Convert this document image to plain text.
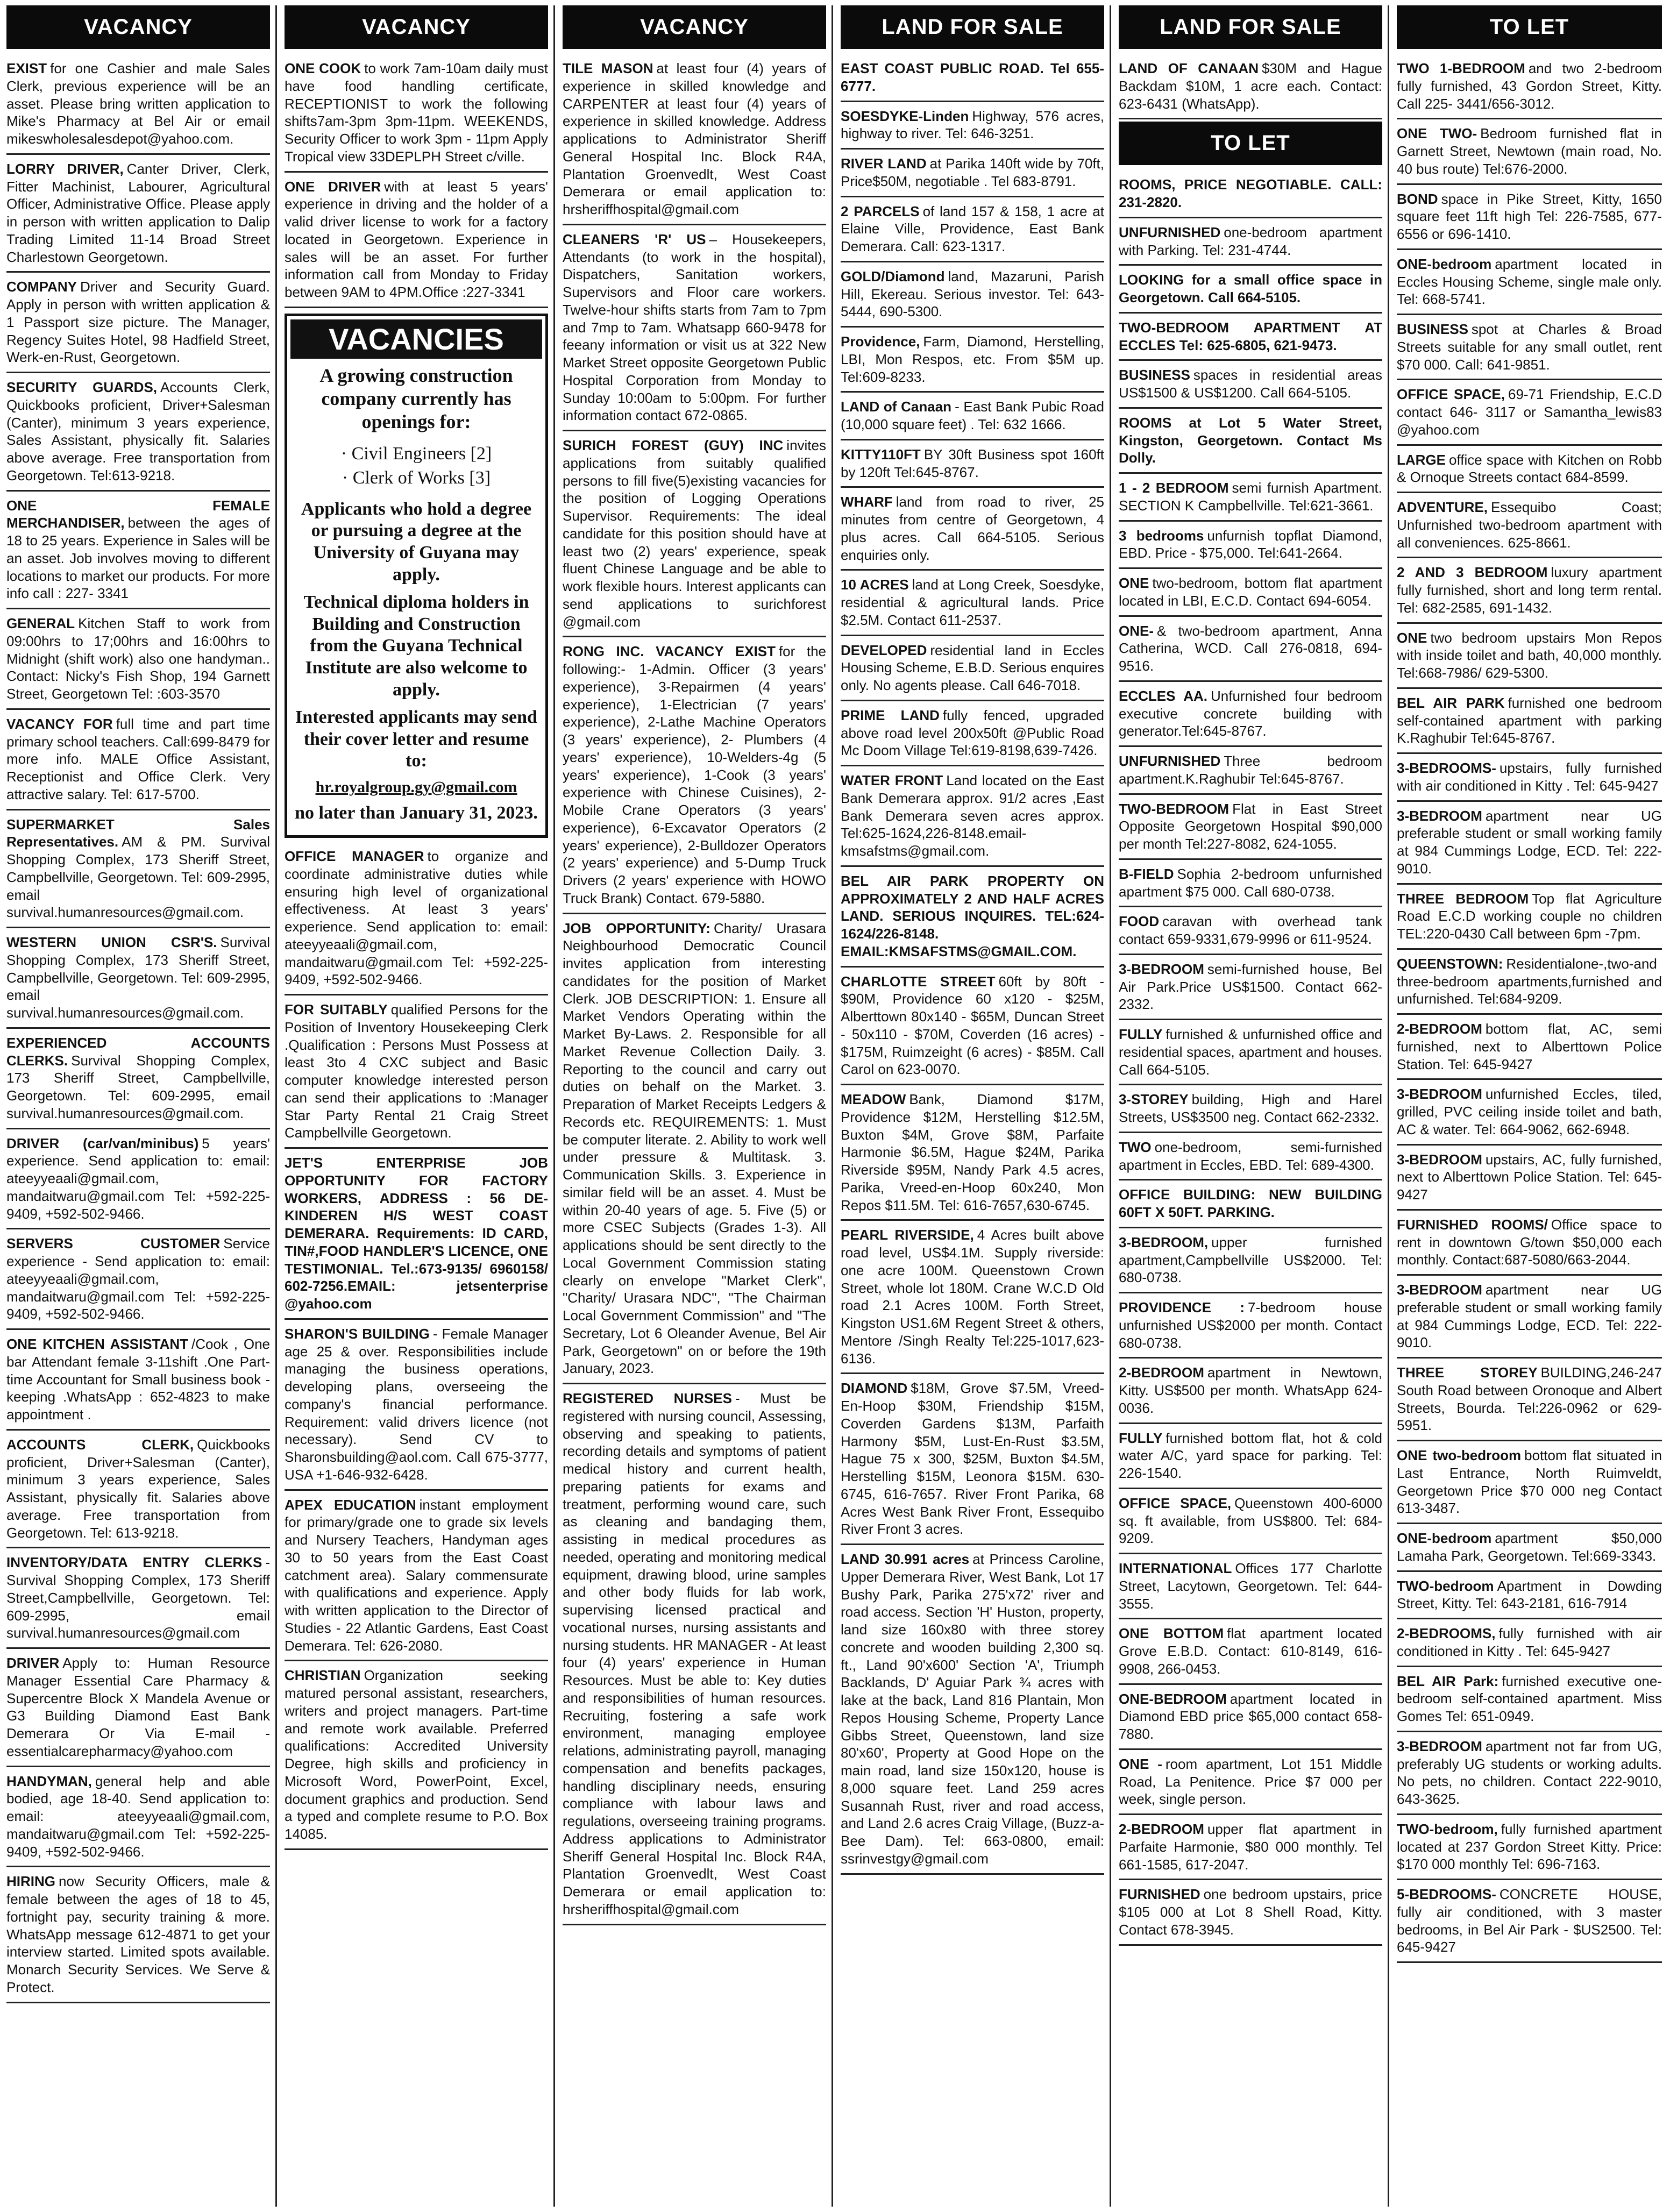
VACANCY
EXIST for one Cashier and male Sales Clerk, previous experience will be an asset. Please bring written application to Mike's Pharmacy at Bel Air or email mikeswholesalesdepot@yahoo.com.
LORRY DRIVER, Canter Driver, Clerk, Fitter Machinist, Labourer, Agricultural Officer, Administrative Office. Please apply in person with written application to Dalip Trading Limited 11-14 Broad Street Charlestown Georgetown.
COMPANY Driver and Security Guard. Apply in person with written application & 1 Passport size picture. The Manager, Regency Suites Hotel, 98 Hadfield Street, Werk-en-Rust, Georgetown.
SECURITY GUARDS, Accounts Clerk, Quickbooks proficient, Driver+Salesman (Canter), minimum 3 years experience, Sales Assistant, physically fit. Salaries above average. Free transportation from Georgetown. Tel:613-9218.
ONE FEMALE MERCHANDISER, between the ages of 18 to 25 years. Experience in Sales will be an asset. Job involves moving to different locations to market our products. For more info call : 227- 3341
GENERAL Kitchen Staff to work from 09:00hrs to 17;00hrs and 16:00hrs to Midnight (shift work) also one handyman.. Contact: Nicky's Fish Shop, 194 Garnett Street, Georgetown Tel: :603-3570
VACANCY FOR full time and part time primary school teachers. Call:699-8479 for more info. MALE Office Assistant, Receptionist and Office Clerk. Very attractive salary. Tel: 617-5700.
SUPERMARKET Sales Representatives. AM & PM. Survival Shopping Complex, 173 Sheriff Street, Campbellville, Georgetown. Tel: 609-2995, email survival.humanresources@gmail.com.
WESTERN UNION CSR'S. Survival Shopping Complex, 173 Sheriff Street, Campbellville, Georgetown. Tel: 609-2995, email survival.humanresources@gmail.com.
EXPERIENCED ACCOUNTS CLERKS. Survival Shopping Complex, 173 Sheriff Street, Campbellville, Georgetown. Tel: 609-2995, email survival.humanresources@gmail.com.
DRIVER (car/van/minibus) 5 years' experience. Send application to: email: ateeyyeaali@gmail.com, mandaitwaru@gmail.com Tel: +592-225-9409, +592-502-9466.
SERVERS CUSTOMER Service experience - Send application to: email: ateeyyeaali@gmail.com, mandaitwaru@gmail.com Tel: +592-225-9409, +592-502-9466.
ONE KITCHEN ASSISTANT /Cook , One bar Attendant female 3-11shift .One Part-time Accountant for Small business book -keeping .WhatsApp : 652-4823 to make appointment .
ACCOUNTS CLERK, Quickbooks proficient, Driver+Salesman (Canter), minimum 3 years experience, Sales Assistant, physically fit. Salaries above average. Free transportation from Georgetown. Tel: 613-9218.
INVENTORY/DATA ENTRY CLERKS - Survival Shopping Complex, 173 Sheriff Street,Campbellville, Georgetown. Tel: 609-2995, email survival.humanresources@gmail.com
DRIVER Apply to: Human Resource Manager Essential Care Pharmacy & Supercentre Block X Mandela Avenue or G3 Building Diamond East Bank Demerara Or Via E-mail - essentialcarepharmacy@yahoo.com
HANDYMAN, general help and able bodied, age 18-40. Send application to: email: ateeyyeaali@gmail.com, mandaitwaru@gmail.com Tel: +592-225-9409, +592-502-9466.
HIRING now Security Officers, male & female between the ages of 18 to 45, fortnight pay, security training & more. WhatsApp message 612-4871 to get your interview started. Limited spots available. Monarch Security Services. We Serve & Protect.
VACANCY
ONE COOK to work 7am-10am daily must have food handling certificate, RECEPTIONIST to work the following shifts7am-3pm 3pm-11pm. WEEKENDS, Security Officer to work 3pm - 11pm Apply Tropical view 33DEPLPH Street c/ville.
ONE DRIVER with at least 5 years' experience in driving and the holder of a valid driver license to work for a factory located in Georgetown. Experience in sales will be an asset. For further information call from Monday to Friday between 9AM to 4PM.Office :227-3341
VACANCIES

A growing construction company currently has openings for:

· Civil Engineers [2]
· Clerk of Works [3]

Applicants who hold a degree or pursuing a degree at the University of Guyana may apply.

Technical diploma holders in Building and Construction from the Guyana Technical Institute are also welcome to apply.

Interested applicants may send their cover letter and resume to:

hr.royalgroup.gy@gmail.com

no later than January 31, 2023.

OFFICE MANAGER to organize and coordinate administrative duties while ensuring high level of organizational effectiveness. At least 3 years' experience. Send application to: email: ateeyyeaali@gmail.com, mandaitwaru@gmail.com Tel: +592-225-9409, +592-502-9466.
FOR SUITABLY qualified Persons for the Position of Inventory Housekeeping Clerk .Qualification : Persons Must Possess at least 3to 4 CXC subject and Basic computer knowledge interested person can send their applications to :Manager Star Party Rental 21 Craig Street Campbellville Georgetown.
JET'S ENTERPRISE JOB OPPORTUNITY FOR FACTORY WORKERS, ADDRESS : 56 DE-KINDEREN H/S WEST COAST DEMERARA. Requirements: ID CARD, TIN#,FOOD HANDLER'S LICENCE, ONE TESTIMONIAL. Tel.:673-9135/ 6960158/ 602-7256.EMAIL: jetsenterprise @yahoo.com
SHARON'S BUILDING - Female Manager age 25 & over. Responsibilities include managing the business operations, developing plans, overseeing the company's financial performance. Requirement: valid drivers licence (not necessary). Send CV to Sharonsbuilding@aol.com. Call 675-3777, USA +1-646-932-6428.
APEX EDUCATION instant employment for primary/grade one to grade six levels and Nursery Teachers, Handyman ages 30 to 50 years from the East Coast catchment area). Salary commensurate with qualifications and experience. Apply with written application to the Director of Studies - 22 Atlantic Gardens, East Coast Demerara. Tel: 626-2080.
CHRISTIAN Organization seeking matured personal assistant, researchers, writers and project managers. Part-time and remote work available. Preferred qualifications: Accredited University Degree, high skills and proficiency in Microsoft Word, PowerPoint, Excel, document graphics and production. Send a typed and complete resume to P.O. Box 14085.
VACANCY
TILE MASON at least four (4) years of experience in skilled knowledge and CARPENTER at least four (4) years of experience in skilled knowledge. Address applications to Administrator Sheriff General Hospital Inc. Block R4A, Plantation Groenvedlt, West Coast Demerara or email application to: hrsheriffhospital@gmail.com
CLEANERS 'R' US – Housekeepers, Attendants (to work in the hospital), Dispatchers, Sanitation workers, Supervisors and Floor care workers. Twelve-hour shifts starts from 7am to 7pm and 7mp to 7am. Whatsapp 660-9478 for feeany information or visit us at 322 New Market Street opposite Georgetown Public Hospital Corporation from Monday to Sunday 10:00am to 5:00pm. For further information contact 672-0865.
SURICH FOREST (GUY) INC invites applications from suitably qualified persons to fill five(5)existing vacancies for the position of Logging Operations Supervisor. Requirements: The ideal candidate for this position should have at least two (2) years' experience, speak fluent Chinese Language and be able to work flexible hours. Interest applicants can send applications to surichforest @gmail.com
RONG INC. VACANCY EXIST for the following:- 1-Admin. Officer (3 years' experience), 3-Repairmen (4 years' experience), 1-Electrician (7 years' experience), 2-Lathe Machine Operators (3 years' experience), 2- Plumbers (4 years' experience), 10-Welders-4g (5 years' experience), 1-Cook (3 years' experience with Chinese Cuisines), 2-Mobile Crane Operators (3 years' experience), 6-Excavator Operators (2 years' experience), 2-Bulldozer Operators (2 years' experience) and 5-Dump Truck Drivers (2 years' experience with HOWO Truck Brank) Contact. 679-5880.
JOB OPPORTUNITY: Charity/ Urasara Neighbourhood Democratic Council invites application from interesting candidates for the position of Market Clerk. JOB DESCRIPTION: 1. Ensure all Market Vendors Operating within the Market By-Laws. 2. Responsible for all Market Revenue Collection Daily. 3. Reporting to the council and carry out duties on behalf on the Market. 3. Preparation of Market Receipts Ledgers & Records etc. REQUIREMENTS: 1. Must be computer literate. 2. Ability to work well under pressure & Multitask. 3. Communication Skills. 3. Experience in similar field will be an asset. 4. Must be within 20-40 years of age. 5. Five (5) or more CSEC Subjects (Grades 1-3). All applications should be sent directly to the Local Government Commission stating clearly on envelope "Market Clerk", "Charity/ Urasara NDC", "The Chairman Local Government Commission" and "The Secretary, Lot 6 Oleander Avenue, Bel Air Park, Georgetown" on or before the 19th January, 2023.
REGISTERED NURSES - Must be registered with nursing council, Assessing, observing and speaking to patients, recording details and symptoms of patient medical history and current health, preparing patients for exams and treatment, performing wound care, such as cleaning and bandaging them, assisting in medical procedures as needed, operating and monitoring medical equipment, drawing blood, urine samples and other body fluids for lab work, supervising licensed practical and vocational nurses, nursing assistants and nursing students. HR MANAGER - At least four (4) years' experience in Human Resources. Must be able to: Key duties and responsibilities of human resources. Recruiting, fostering a safe work environment, managing employee relations, administrating payroll, managing compensation and benefits packages, handling disciplinary needs, ensuring compliance with labour laws and regulations, overseeing training programs. Address applications to Administrator Sheriff General Hospital Inc. Block R4A, Plantation Groenvedlt, West Coast Demerara or email application to: hrsheriffhospital@gmail.com
LAND FOR SALE
EAST COAST PUBLIC ROAD. Tel 655-6777.
SOESDYKE-Linden Highway, 576 acres, highway to river. Tel: 646-3251.
RIVER LAND at Parika 140ft wide by 70ft, Price$50M, negotiable . Tel 683-8791.
2 PARCELS of land 157 & 158, 1 acre at Elaine Ville, Providence, East Bank Demerara. Call: 623-1317.
GOLD/Diamond land, Mazaruni, Parish Hill, Ekereau. Serious investor. Tel: 643-5444, 690-5300.
Providence, Farm, Diamond, Herstelling, LBI, Mon Respos, etc. From $5M up. Tel:609-8233.
LAND of Canaan - East Bank Pubic Road (10,000 square feet) . Tel: 632 1666.
KITTY110FT BY 30ft Business spot 160ft by 120ft Tel:645-8767.
WHARF land from road to river, 25 minutes from centre of Georgetown, 4 plus acres. Call 664-5105. Serious enquiries only.
10 ACRES land at Long Creek, Soesdyke, residential & agricultural lands. Price $2.5M. Contact 611-2537.
DEVELOPED residential land in Eccles Housing Scheme, E.B.D. Serious enquires only. No agents please. Call 646-7018.
PRIME LAND fully fenced, upgraded above road level 200x50ft @Public Road Mc Doom Village Tel:619-8198,639-7426.
WATER FRONT Land located on the East Bank Demerara approx. 91/2 acres ,East Bank Demerara seven acres approx. Tel:625-1624,226-8148.email-kmsafstms@gmail.com.
BEL AIR PARK PROPERTY ON APPROXIMATELY 2 AND HALF ACRES LAND. SERIOUS INQUIRES. TEL:624-1624/226-8148. EMAIL:KMSAFSTMS@GMAIL.COM.
CHARLOTTE STREET 60ft by 80ft - $90M, Providence 60 x120 - $25M, Alberttown 80x140 - $65M, Duncan Street - 50x110 - $70M, Coverden (16 acres) - $175M, Ruimzeight (6 acres) - $85M. Call Carol on 623-0070.
MEADOW Bank, Diamond $17M, Providence $12M, Herstelling $12.5M, Buxton $4M, Grove $8M, Parfaite Harmonie $6.5M, Hague $24M, Parika Riverside $95M, Nandy Park 4.5 acres, Parika, Vreed-en-Hoop 60x240, Mon Repos $11.5M. Tel: 616-7657,630-6745.
PEARL RIVERSIDE, 4 Acres built above road level, US$4.1M. Supply riverside: one acre 100M. Queenstown Crown Street, whole lot 180M. Crane W.C.D Old road 2.1 Acres 100M. Forth Street, Kingston US1.6M Regent Street & others, Mentore /Singh Realty Tel:225-1017,623-6136.
DIAMOND $18M, Grove $7.5M, Vreed-En-Hoop $30M, Friendship $15M, Coverden Gardens $13M, Parfaith Harmony $5M, Lust-En-Rust $3.5M, Hague 75 x 300, $25M, Buxton $4.5M, Herstelling $15M, Leonora $15M. 630-6745, 616-7657. River Front Parika, 68 Acres West Bank River Front, Essequibo River Front 3 acres.
LAND 30.991 acres at Princess Caroline, Upper Demerara River, West Bank, Lot 17 Bushy Park, Parika 275'x72' river and road access. Section 'H' Huston, property, land size 160x80 with three storey concrete and wooden building 2,300 sq. ft., Land 90'x600' Section 'A', Triumph Backlands, D' Aguiar Park ¾ acres with lake at the back, Land 816 Plantain, Mon Repos Housing Scheme, Property Lance Gibbs Street, Queenstown, land size 80'x60', Property at Good Hope on the main road, land size 150x120, house is 8,000 square feet. Land 259 acres Susannah Rust, river and road access, and Land 2.6 acres Craig Village, (Buzz-a-Bee Dam). Tel: 663-0800, email: ssrinvestgy@gmail.com
LAND FOR SALE
LAND OF CANAAN $30M and Hague Backdam $10M, 1 acre each. Contact: 623-6431 (WhatsApp).
TO LET
ROOMS, PRICE NEGOTIABLE. CALL: 231-2820.
UNFURNISHED one-bedroom apartment with Parking. Tel: 231-4744.
LOOKING for a small office space in Georgetown. Call 664-5105.
TWO-BEDROOM APARTMENT AT ECCLES Tel: 625-6805, 621-9473.
BUSINESS spaces in residential areas US$1500 & US$1200. Call 664-5105.
ROOMS at Lot 5 Water Street, Kingston, Georgetown. Contact Ms Dolly.
1 - 2 BEDROOM semi furnish Apartment. SECTION K Campbellville. Tel:621-3661.
3 bedrooms unfurnish topflat Diamond, EBD. Price - $75,000. Tel:641-2664.
ONE two-bedroom, bottom flat apartment located in LBI, E.C.D. Contact 694-6054.
ONE- & two-bedroom apartment, Anna Catherina, WCD. Call 276-0818, 694-9516.
ECCLES AA. Unfurnished four bedroom executive concrete building with generator.Tel:645-8767.
UNFURNISHED Three bedroom apartment.K.Raghubir Tel:645-8767.
TWO-BEDROOM Flat in East Street Opposite Georgetown Hospital $90,000 per month Tel:227-8082, 624-1055.
B-FIELD Sophia 2-bedroom unfurnished apartment $75 000. Call 680-0738.
FOOD caravan with overhead tank contact 659-9331,679-9996 or 611-9524.
3-BEDROOM semi-furnished house, Bel Air Park.Price US$1500. Contact 662-2332.
FULLY furnished & unfurnished office and residential spaces, apartment and houses. Call 664-5105.
3-STOREY building, High and Harel Streets, US$3500 neg. Contact 662-2332.
TWO one-bedroom, semi-furnished apartment in Eccles, EBD. Tel: 689-4300.
OFFICE BUILDING: NEW BUILDING 60FT X 50FT. PARKING.
3-BEDROOM, upper furnished apartment,Campbellville US$2000. Tel: 680-0738.
PROVIDENCE : 7-bedroom house unfurnished US$2000 per month. Contact 680-0738.
2-BEDROOM apartment in Newtown, Kitty. US$500 per month. WhatsApp 624-0036.
FULLY furnished bottom flat, hot & cold water A/C, yard space for parking. Tel: 226-1540.
OFFICE SPACE, Queenstown 400-6000 sq. ft available, from US$800. Tel: 684-9209.
INTERNATIONAL Offices 177 Charlotte Street, Lacytown, Georgetown. Tel: 644-3555.
ONE BOTTOM flat apartment located Grove E.B.D. Contact: 610-8149, 616-9908, 266-0453.
ONE-BEDROOM apartment located in Diamond EBD price $65,000 contact 658-7880.
ONE - room apartment, Lot 151 Middle Road, La Penitence. Price $7 000 per week, single person.
2-BEDROOM upper flat apartment in Parfaite Harmonie, $80 000 monthly. Tel 661-1585, 617-2047.
FURNISHED one bedroom upstairs, price $105 000 at Lot 8 Shell Road, Kitty. Contact 678-3945.
TO LET
TWO 1-BEDROOM and two 2-bedroom fully furnished, 43 Gordon Street, Kitty. Call 225- 3441/656-3012.
ONE TWO- Bedroom furnished flat in Garnett Street, Newtown (main road, No. 40 bus route) Tel:676-2000.
BOND space in Pike Street, Kitty, 1650 square feet 11ft high Tel: 226-7585, 677-6556 or 696-1410.
ONE-bedroom apartment located in Eccles Housing Scheme, single male only. Tel: 668-5741.
BUSINESS spot at Charles & Broad Streets suitable for any small outlet, rent $70 000. Call: 641-9851.
OFFICE SPACE, 69-71 Friendship, E.C.D contact 646- 3117 or Samantha_lewis83 @yahoo.com
LARGE office space with Kitchen on Robb & Ornoque Streets contact 684-8599.
ADVENTURE, Essequibo Coast; Unfurnished two-bedroom apartment with all conveniences. 625-8661.
2 AND 3 BEDROOM luxury apartment fully furnished, short and long term rental. Tel: 682-2585, 691-1432.
ONE two bedroom upstairs Mon Repos with inside toilet and bath, 40,000 monthly. Tel:668-7986/ 629-5300.
BEL AIR PARK furnished one bedroom self-contained apartment with parking K.Raghubir Tel:645-8767.
3-BEDROOMS- upstairs, fully furnished with air conditioned in Kitty . Tel: 645-9427
3-BEDROOM apartment near UG preferable student or small working family at 984 Cummings Lodge, ECD. Tel: 222-9010.
THREE BEDROOM Top flat Agriculture Road E.C.D working couple no children TEL:220-0430 Call between 6pm -7pm.
QUEENSTOWN: Residentialone-,two-and three-bedroom apartments,furnished and unfurnished. Tel:684-9209.
2-BEDROOM bottom flat, AC, semi furnished, next to Alberttown Police Station. Tel: 645-9427
3-BEDROOM unfurnished Eccles, tiled, grilled, PVC ceiling inside toilet and bath, AC & water. Tel: 664-9062, 662-6948.
3-BEDROOM upstairs, AC, fully furnished, next to Alberttown Police Station. Tel: 645-9427
FURNISHED ROOMS/ Office space to rent in downtown G/town $50,000 each monthly. Contact:687-5080/663-2044.
3-BEDROOM apartment near UG preferable student or small working family at 984 Cummings Lodge, ECD. Tel: 222-9010.
THREE STOREY BUILDING,246-247 South Road between Oronoque and Albert Streets, Bourda. Tel:226-0962 or 629-5951.
ONE two-bedroom bottom flat situated in Last Entrance, North Ruimveldt, Georgetown Price $70 000 neg Contact 613-3487.
ONE-bedroom apartment $50,000 Lamaha Park, Georgetown. Tel:669-3343.
TWO-bedroom Apartment in Dowding Street, Kitty. Tel: 643-2181, 616-7914
2-BEDROOMS, fully furnished with air conditioned in Kitty . Tel: 645-9427
BEL AIR Park: furnished executive one-bedroom self-contained apartment. Miss Gomes Tel: 651-0949.
3-BEDROOM apartment not far from UG, preferably UG students or working adults. No pets, no children. Contact 222-9010, 643-3625.
TWO-bedroom, fully furnished apartment located at 237 Gordon Street Kitty. Price: $170 000 monthly Tel: 696-7163.
5-BEDROOMS- CONCRETE HOUSE, fully air conditioned, with 3 master bedrooms, in Bel Air Park - $US2500. Tel: 645-9427
